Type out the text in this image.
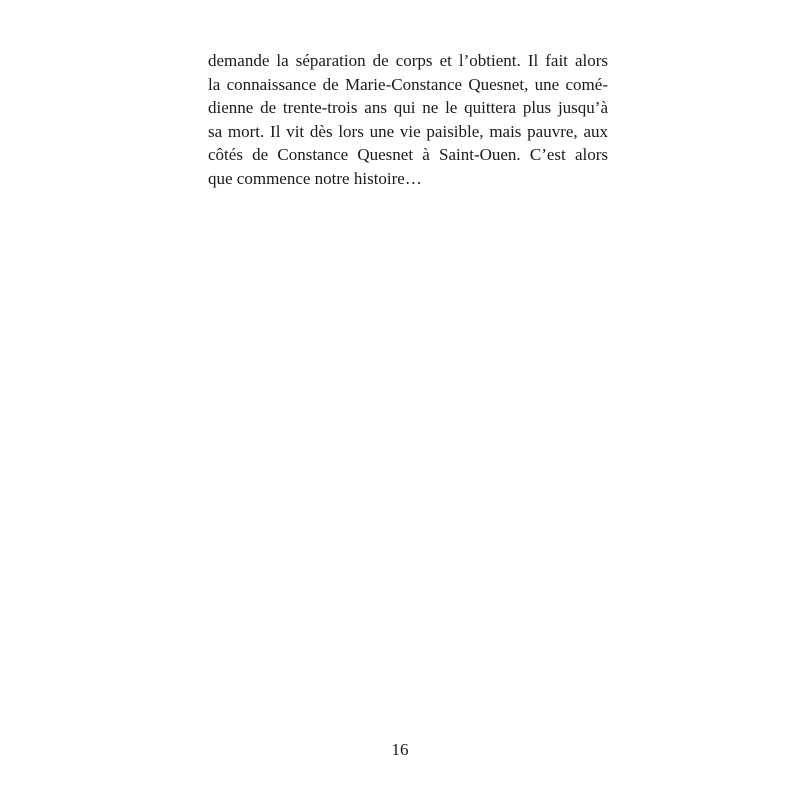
demande la séparation de corps et l’obtient. Il fait alors
la connaissance de Marie-Constance Quesnet, une comé-
dienne de trente-trois ans qui ne le quittera plus jusqu’à
sa mort. Il vit dès lors une vie paisible, mais pauvre, aux
côtés de Constance Quesnet à Saint-Ouen. C’est alors
que commence notre histoire…
16
